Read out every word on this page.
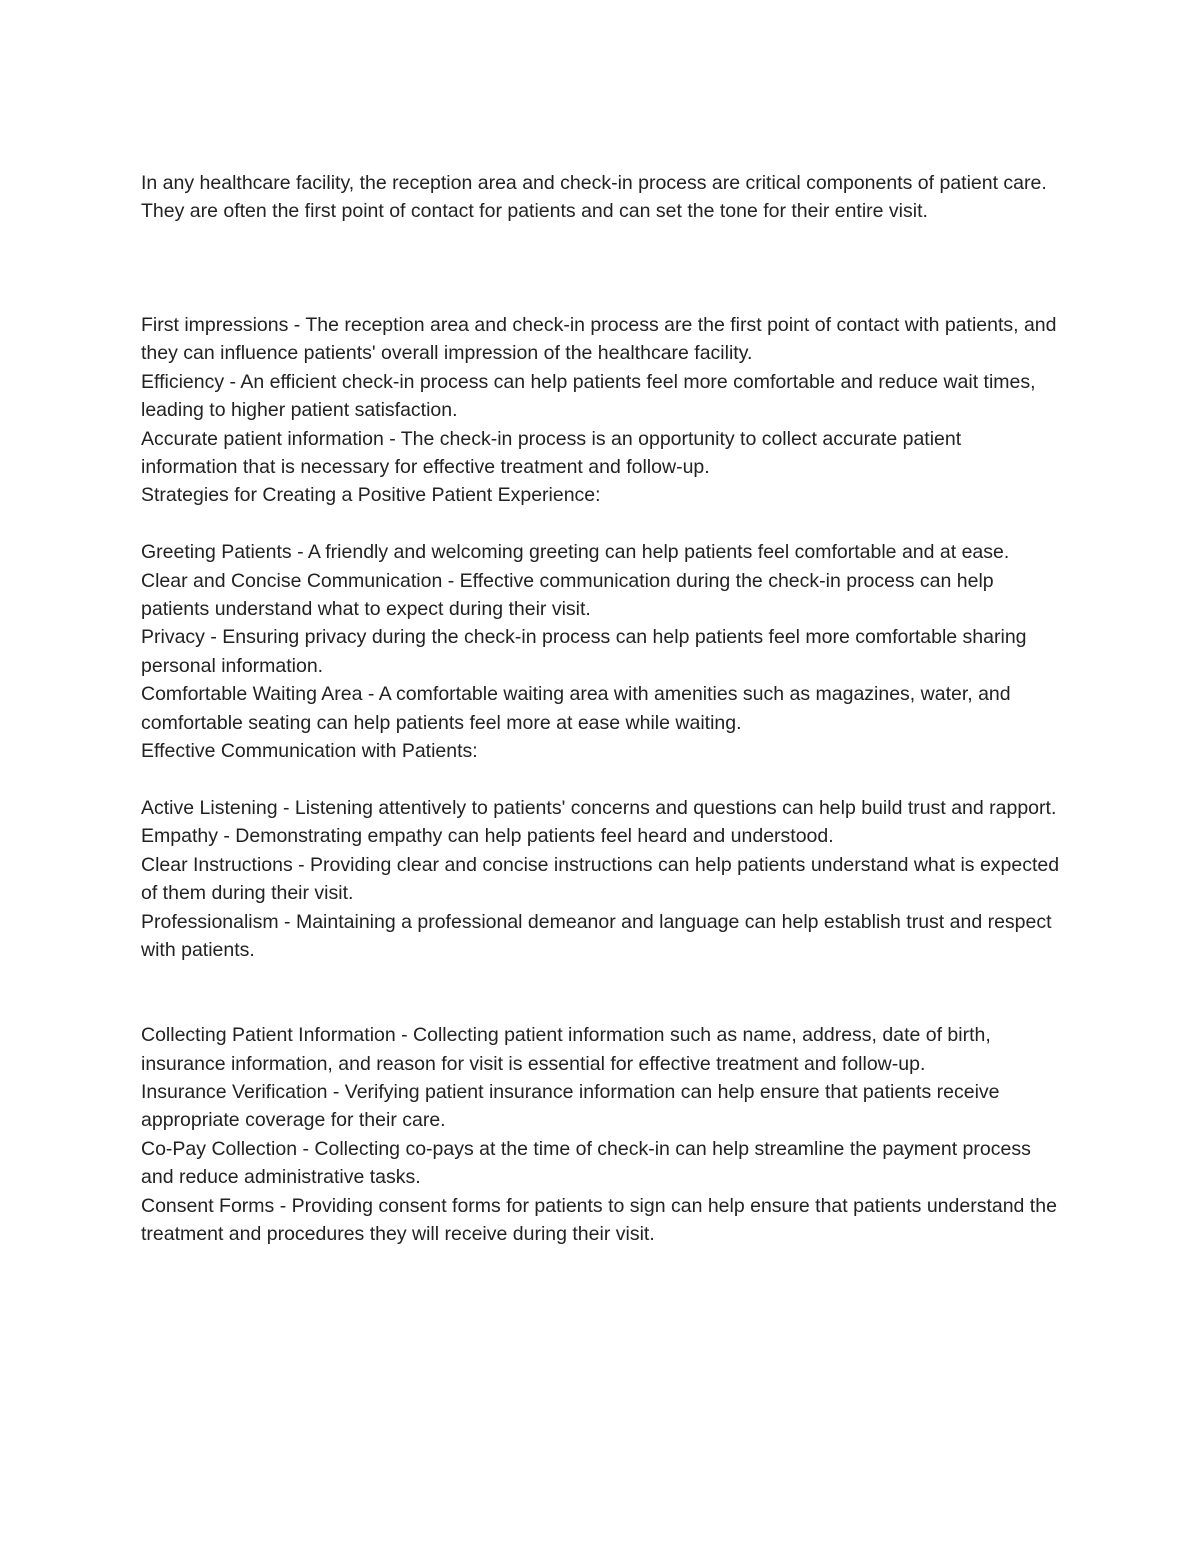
In any healthcare facility, the reception area and check-in process are critical components of patient care. They are often the first point of contact for patients and can set the tone for their entire visit.

First impressions - The reception area and check-in process are the first point of contact with patients, and they can influence patients' overall impression of the healthcare facility.

Efficiency - An efficient check-in process can help patients feel more comfortable and reduce wait times, leading to higher patient satisfaction.

Accurate patient information - The check-in process is an opportunity to collect accurate patient information that is necessary for effective treatment and follow-up.

Strategies for Creating a Positive Patient Experience:

Greeting Patients - A friendly and welcoming greeting can help patients feel comfortable and at ease.

Clear and Concise Communication - Effective communication during the check-in process can help patients understand what to expect during their visit.

Privacy - Ensuring privacy during the check-in process can help patients feel more comfortable sharing personal information.

Comfortable Waiting Area - A comfortable waiting area with amenities such as magazines, water, and comfortable seating can help patients feel more at ease while waiting.

Effective Communication with Patients:

Active Listening - Listening attentively to patients' concerns and questions can help build trust and rapport.

Empathy - Demonstrating empathy can help patients feel heard and understood.

Clear Instructions - Providing clear and concise instructions can help patients understand what is expected of them during their visit.

Professionalism - Maintaining a professional demeanor and language can help establish trust and respect with patients.

Collecting Patient Information - Collecting patient information such as name, address, date of birth, insurance information, and reason for visit is essential for effective treatment and follow-up.

Insurance Verification - Verifying patient insurance information can help ensure that patients receive appropriate coverage for their care.

Co-Pay Collection - Collecting co-pays at the time of check-in can help streamline the payment process and reduce administrative tasks.

Consent Forms - Providing consent forms for patients to sign can help ensure that patients understand the treatment and procedures they will receive during their visit.
